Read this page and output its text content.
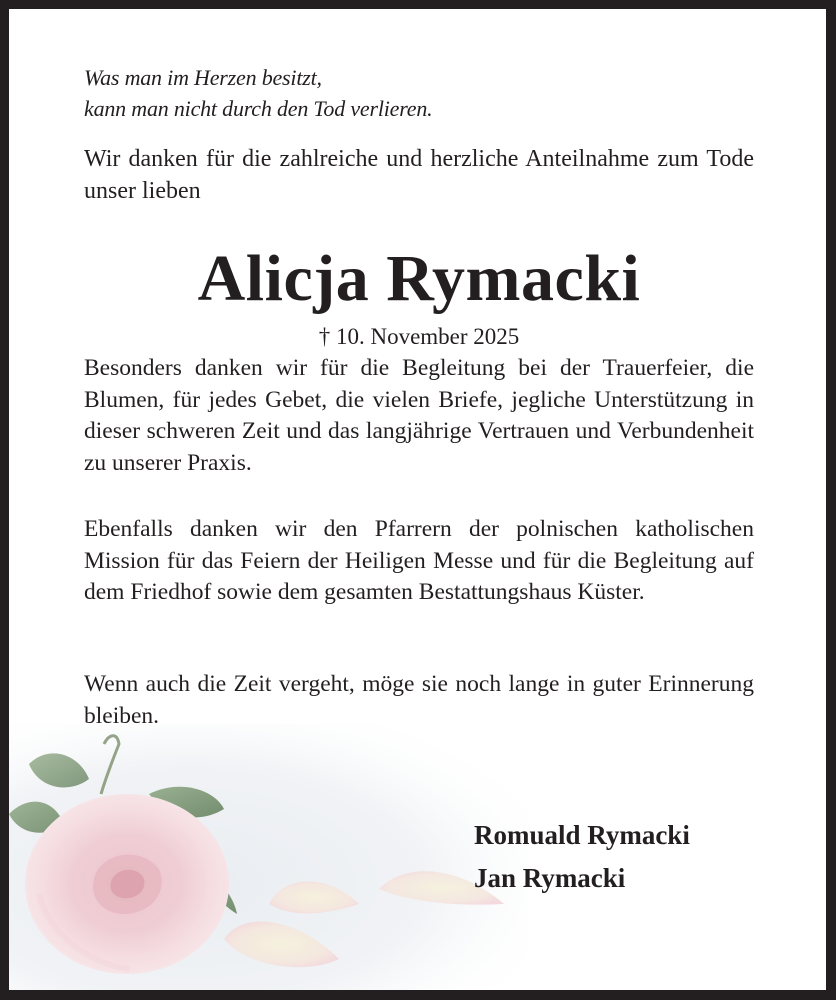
Was man im Herzen besitzt,
kann man nicht durch den Tod verlieren.
Wir danken für die zahlreiche und herzliche Anteilnahme zum Tode unser lieben
Alicja Rymacki
† 10. November 2025
Besonders danken wir für die Begleitung bei der Trauerfeier, die Blumen, für jedes Gebet, die vielen Briefe, jegliche Unterstützung in dieser schweren Zeit und das langjährige Vertrauen und Verbundenheit zu unserer Praxis.
Ebenfalls danken wir den Pfarrern der polnischen katholischen Mission für das Feiern der Heiligen Messe und für die Begleitung auf dem Friedhof sowie dem gesamten Bestattungshaus Küster.
Wenn auch die Zeit vergeht, möge sie noch lange in guter Erinnerung bleiben.
Romuald Rymacki
Jan Rymacki
